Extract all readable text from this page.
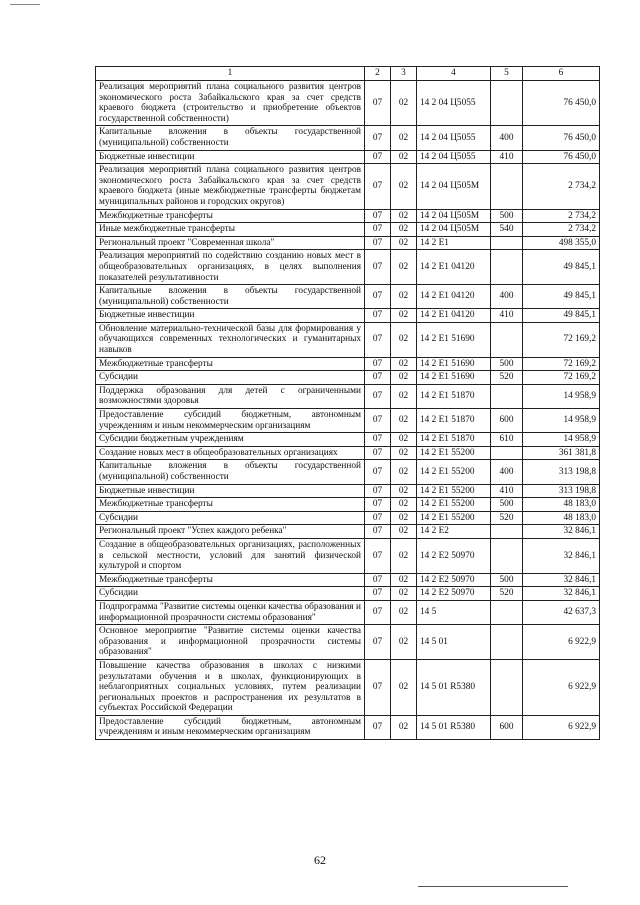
1	2	3	4	5	6
Реализация мероприятий плана социального развития центров экономического роста Забайкальского края за счет средств краевого бюджета (строительство и приобретение объектов государственной собственности)	07	02	14 2 04 Ц5055		76 450,0
Капитальные вложения в объекты государственной (муниципальной) собственности	07	02	14 2 04 Ц5055	400	76 450,0
Бюджетные инвестиции	07	02	14 2 04 Ц5055	410	76 450,0
Реализация мероприятий плана социального развития центров экономического роста Забайкальского края за счет средств краевого бюджета (иные межбюджетные трансферты бюджетам муниципальных районов и городских округов)	07	02	14 2 04 Ц505М		2 734,2
Межбюджетные трансферты	07	02	14 2 04 Ц505М	500	2 734,2
Иные межбюджетные трансферты	07	02	14 2 04 Ц505М	540	2 734,2
Региональный проект "Современная школа"	07	02	14 2 E1		498 355,0
Реализация мероприятий по содействию созданию новых мест в общеобразовательных организациях, в целях выполнения показателей результативности	07	02	14 2 E1 04120		49 845,1
Капитальные вложения в объекты государственной (муниципальной) собственности	07	02	14 2 E1 04120	400	49 845,1
Бюджетные инвестиции	07	02	14 2 E1 04120	410	49 845,1
Обновление материально-технической базы для формирования у обучающихся современных технологических и гуманитарных навыков	07	02	14 2 E1 51690		72 169,2
Межбюджетные трансферты	07	02	14 2 E1 51690	500	72 169,2
Субсидии	07	02	14 2 E1 51690	520	72 169,2
Поддержка образования для детей с ограниченными возможностями здоровья	07	02	14 2 E1 51870		14 958,9
Предоставление субсидий бюджетным, автономным учреждениям и иным некоммерческим организациям	07	02	14 2 E1 51870	600	14 958,9
Субсидии бюджетным учреждениям	07	02	14 2 E1 51870	610	14 958,9
Создание новых мест в общеобразовательных организациях	07	02	14 2 E1 55200		361 381,8
Капитальные вложения в объекты государственной (муниципальной) собственности	07	02	14 2 E1 55200	400	313 198,8
Бюджетные инвестиции	07	02	14 2 E1 55200	410	313 198,8
Межбюджетные трансферты	07	02	14 2 E1 55200	500	48 183,0
Субсидии	07	02	14 2 E1 55200	520	48 183,0
Региональный проект "Успех каждого ребенка"	07	02	14 2 E2		32 846,1
Создание в общеобразовательных организациях, расположенных в сельской местности, условий для занятий физической культурой и спортом	07	02	14 2 E2 50970		32 846,1
Межбюджетные трансферты	07	02	14 2 E2 50970	500	32 846,1
Субсидии	07	02	14 2 E2 50970	520	32 846,1
Подпрограмма "Развитие системы оценки качества образования и информационной прозрачности системы образования"	07	02	14 5		42 637,3
Основное мероприятие "Развитие системы оценки качества образования и информационной прозрачности системы образования"	07	02	14 5 01		6 922,9
Повышение качества образования в школах с низкими результатами обучения и в школах, функционирующих в неблагоприятных социальных условиях, путем реализации региональных проектов и распространения их результатов в субъектах Российской Федерации	07	02	14 5 01 R5380		6 922,9
Предоставление субсидий бюджетным, автономным учреждениям и иным некоммерческим организациям	07	02	14 5 01 R5380	600	6 922,9
62
